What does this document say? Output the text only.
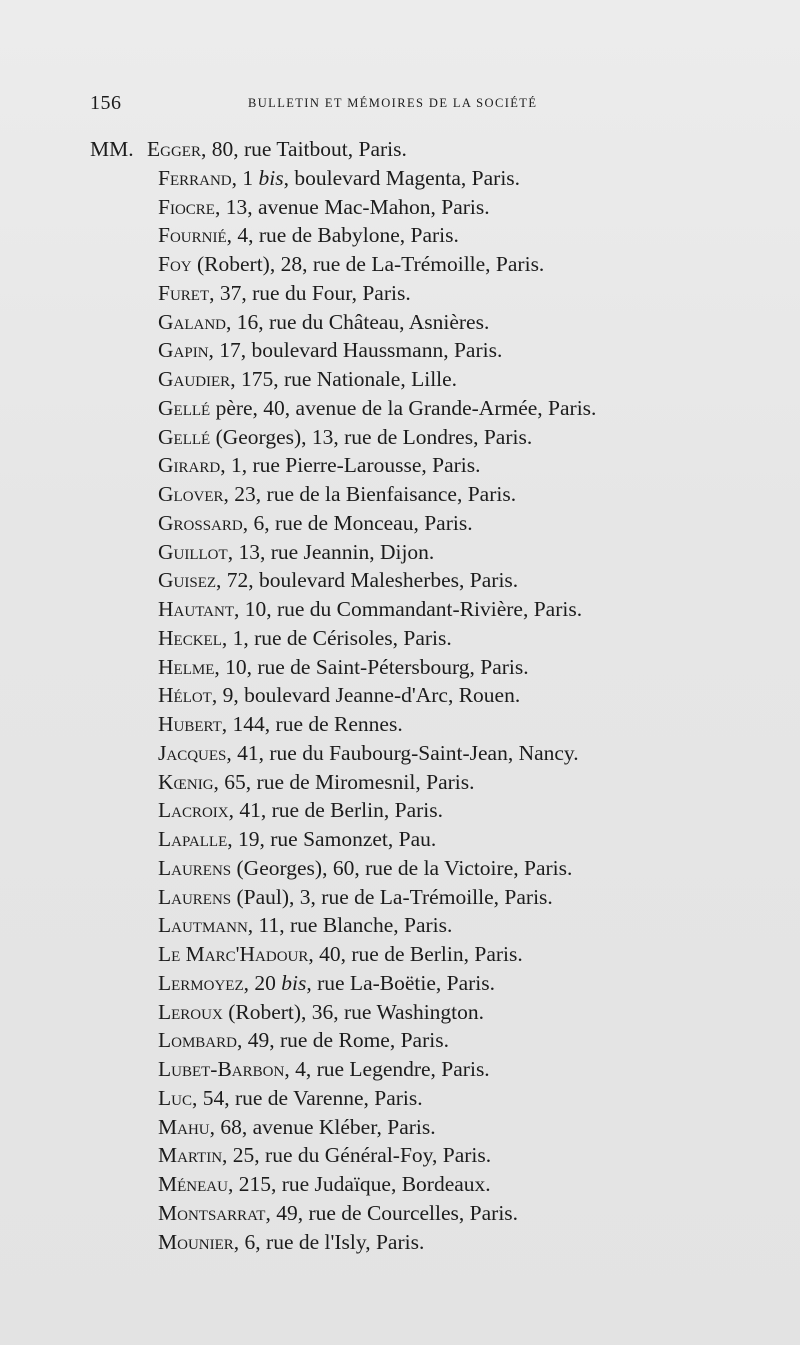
156	BULLETIN ET MÉMOIRES DE LA SOCIÉTÉ
MM. Egger, 80, rue Taitbout, Paris.
Ferrand, 1 bis, boulevard Magenta, Paris.
Fiocre, 13, avenue Mac-Mahon, Paris.
Fournié, 4, rue de Babylone, Paris.
Foy (Robert), 28, rue de La-Trémoille, Paris.
Furet, 37, rue du Four, Paris.
Galand, 16, rue du Château, Asnières.
Gapin, 17, boulevard Haussmann, Paris.
Gaudier, 175, rue Nationale, Lille.
Gellé père, 40, avenue de la Grande-Armée, Paris.
Gellé (Georges), 13, rue de Londres, Paris.
Girard, 1, rue Pierre-Larousse, Paris.
Glover, 23, rue de la Bienfaisance, Paris.
Grossard, 6, rue de Monceau, Paris.
Guillot, 13, rue Jeannin, Dijon.
Guisez, 72, boulevard Malesherbes, Paris.
Hautant, 10, rue du Commandant-Rivière, Paris.
Heckel, 1, rue de Cérisoles, Paris.
Helme, 10, rue de Saint-Pétersbourg, Paris.
Hélot, 9, boulevard Jeanne-d'Arc, Rouen.
Hubert, 144, rue de Rennes.
Jacques, 41, rue du Faubourg-Saint-Jean, Nancy.
Kœnig, 65, rue de Miromesnil, Paris.
Lacroix, 41, rue de Berlin, Paris.
Lapalle, 19, rue Samonzet, Pau.
Laurens (Georges), 60, rue de la Victoire, Paris.
Laurens (Paul), 3, rue de La-Trémoille, Paris.
Lautmann, 11, rue Blanche, Paris.
Le Marc'Hadour, 40, rue de Berlin, Paris.
Lermoyez, 20 bis, rue La-Boëtie, Paris.
Leroux (Robert), 36, rue Washington.
Lombard, 49, rue de Rome, Paris.
Lubet-Barbon, 4, rue Legendre, Paris.
Luc, 54, rue de Varenne, Paris.
Mahu, 68, avenue Kléber, Paris.
Martin, 25, rue du Général-Foy, Paris.
Méneau, 215, rue Judaïque, Bordeaux.
Montsarrat, 49, rue de Courcelles, Paris.
Mounier, 6, rue de l'Isly, Paris.
